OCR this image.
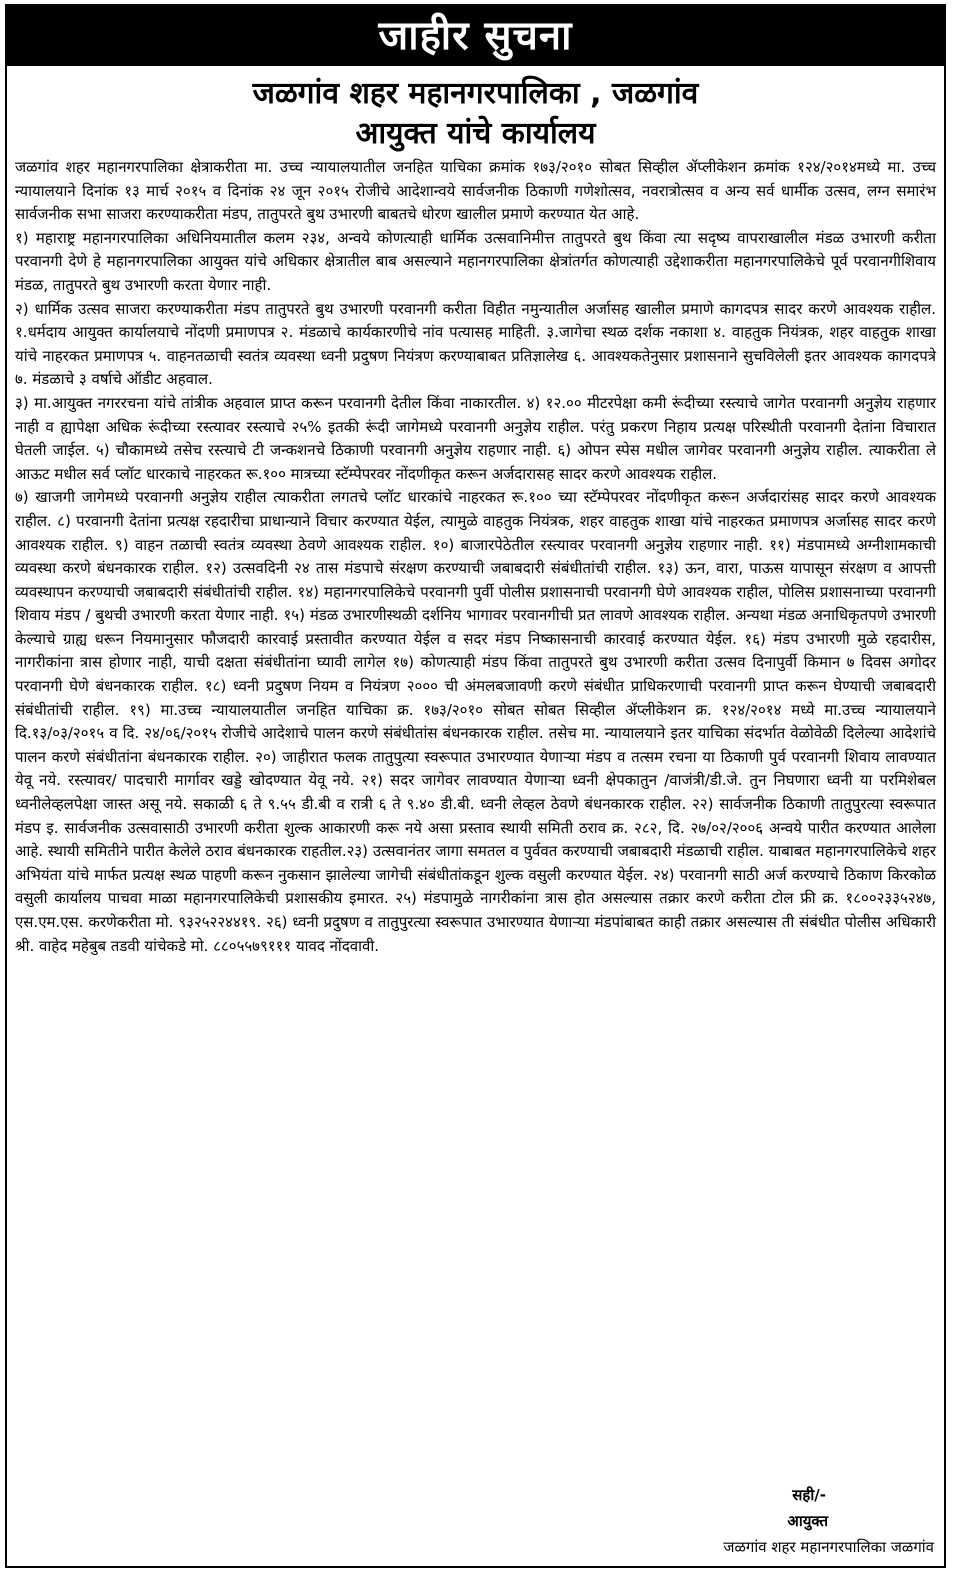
जाहीर सुचना
जळगांव शहर महानगरपालिका , जळगांव
आयुक्त यांचे कार्यालय

जळगांव शहर महानगरपालिका क्षेत्राकरीता मा. उच्च न्यायालयातील जनहित याचिका क्रमांक १७३/२०१० सोबत सिव्हील ॲप्लीकेशन क्रमांक १२४/२०१४मध्ये मा. उच्च न्यायालयाने दिनांक १३ मार्च २०१५ व दिनांक २४ जून २०१५ रोजीचे आदेशान्वये सार्वजनीक ठिकाणी गणेशोत्सव, नवरात्रोत्सव व अन्य सर्व धार्मीक उत्सव, लग्न समारंभ सार्वजनीक सभा साजरा करण्याकरीता मंडप, तातुपरते बुथ उभारणी बाबतचे धोरण खालील प्रमाणे करण्यात येत आहे.

१) महाराष्ट्र महानगरपालिका अधिनियमातील कलम २३४, अन्वये कोणत्याही धार्मिक उत्सवानिमीत्त तातुपरते बुथ किंवा त्या सदृष्य वापराखालील मंडळ उभारणी करीता परवानगी देणे हे महानगरपालिका आयुक्त यांचे अधिकार क्षेत्रातील बाब असल्याने महानगरपालिका क्षेत्रांतर्गत कोणत्याही उद्देशाकरीता महानगरपालिकेचे पूर्व परवानगीशिवाय मंडळ, तातुपरते बुथ उभारणी करता येणार नाही.

२) धार्मिक उत्सव साजरा करण्याकरीता मंडप तातुपरते बुथ उभारणी परवानगी करीता विहीत नमुन्यातील अर्जासह खालील प्रमाणे कागदपत्र सादर करणे आवश्यक राहील. १.धर्मदाय आयुक्त कार्यालयाचे नोंदणी प्रमाणपत्र २. मंडळाचे कार्यकारणीचे नांव पत्यासह माहिती. ३.जागेचा स्थळ दर्शक नकाशा ४. वाहतुक नियंत्रक, शहर वाहतुक शाखा यांचे नाहरकत प्रमाणपत्र ५. वाहनतळाची स्वतंत्र व्यवस्था ध्वनी प्रदुषण नियंत्रण करण्याबाबत प्रतिज्ञालेख ६. आवश्यकतेनुसार प्रशासनाने सुचविलेली इतर आवश्यक कागदपत्रे ७. मंडळाचे ३ वर्षाचे ऑडीट अहवाल.

३) मा.आयुक्त नगररचना यांचे तांत्रीक अहवाल प्राप्त करून परवानगी देतील किंवा नाकारतील. ४) १२.०० मीटरपेक्षा कमी रूंदीच्या रस्त्याचे जागेत परवानगी अनुज्ञेय राहणार नाही व ह्यापेक्षा अधिक रूंदीच्या रस्त्यावर रस्त्याचे २५% इतकी रूंदी जागेमध्ये परवानगी अनुज्ञेय राहील. परंतु प्रकरण निहाय प्रत्यक्ष परिस्थीती परवानगी देतांना विचारात घेतली जाईल. ५) चौकामध्ये तसेच रस्त्याचे टी जन्कशनचे ठिकाणी परवानगी अनुज्ञेय राहणार नाही. ६) ओपन स्पेस मधील जागेवर परवानगी अनुज्ञेय राहील. त्याकरीता ले आऊट मधील सर्व प्लॉट धारकाचे नाहरकत रू.१०० मात्रच्या स्टॅम्पेपरवर नोंदणीकृत करून अर्जदारासह सादर करणे आवश्यक राहील.

७) खाजगी जागेमध्ये परवानगी अनुज्ञेय राहील त्याकरीता लगतचे प्लॉट धारकांचे नाहरकत रू.१०० च्या स्टॅम्पेपरवर नोंदणीकृत करून अर्जदारांसह सादर करणे आवश्यक राहील. ८) परवानगी देतांना प्रत्यक्ष रहदारीचा प्राधान्याने विचार करण्यात येईल, त्यामुळे वाहतुक नियंत्रक, शहर वाहतुक शाखा यांचे नाहरकत प्रमाणपत्र अर्जासह सादर करणे आवश्यक राहील. ९) वाहन तळाची स्वतंत्र व्यवस्था ठेवणे आवश्यक राहील. १०) बाजारपेठेतील रस्त्यावर परवानगी अनुज्ञेय राहणार नाही. ११) मंडपामध्ये अग्नीशामकाची व्यवस्था करणे बंधनकारक राहील. १२) उत्सवदिनी २४ तास मंडपाचे संरक्षण करण्याची जबाबदारी संबंधीतांची राहील. १३) ऊन, वारा, पाऊस यापासून संरक्षण व आपत्ती व्यवस्थापन करण्याची जबाबदारी संबंधीतांची राहील. १४) महानगरपालिकेचे परवानगी पुर्वी पोलीस प्रशासनाची परवानगी घेणे आवश्यक राहील, पोलिस प्रशासनाच्या परवानगी शिवाय मंडप / बुथची उभारणी करता येणार नाही. १५) मंडळ उभारणीस्थळी दर्शनिय भागावर परवानगीची प्रत लावणे आवश्यक राहील. अन्यथा मंडळ अनाधिकृतपणे उभारणी केल्याचे ग्राह्य धरून नियमानुसार फौजदारी कारवाई प्रस्तावीत करण्यात येईल व सदर मंडप निष्कासनाची कारवाई करण्यात येईल. १६) मंडप उभारणी मुळे रहदारीस, नागरीकांना त्रास होणार नाही, याची दक्षता संबंधीतांना घ्यावी लागेल १७) कोणत्याही मंडप किंवा तातुपरते बुथ उभारणी करीता उत्सव दिनापुर्वी किमान ७ दिवस अगोदर परवानगी घेणे बंधनकारक राहील. १८) ध्वनी प्रदुषण नियम व नियंत्रण २००० ची अंमलबजावणी करणे संबंधीत प्राधिकरणाची परवानगी प्राप्त करून घेण्याची जबाबदारी संबंधीतांची राहील. १९) मा.उच्च न्यायालयातील जनहित याचिका क्र. १७३/२०१० सोबत सोबत सिव्हील ॲप्लीकेशन क्र. १२४/२०१४ मध्ये मा.उच्च न्यायालयाने दि.१३/०३/२०१५ व दि. २४/०६/२०१५ रोजीचे आदेशाचे पालन करणे संबंधीतांस बंधनकारक राहील. तसेच मा. न्यायालयाने इतर याचिका संदर्भात वेळोवेळी दिलेल्या आदेशांचे पालन करणे संबंधीतांना बंधनकारक राहील. २०) जाहीरात फलक तातुपुत्या स्वरूपात उभारण्यात येणाऱ्या मंडप व तत्सम रचना या ठिकाणी पुर्व परवानगी शिवाय लावण्यात येवू नये. रस्त्यावर/ पादचारी मार्गावर खड्डे खोदण्यात येवू नये. २१) सदर जागेवर लावण्यात येणाऱ्या ध्वनी क्षेपकातुन /वाजंत्री/डी.जे. तुन निघणारा ध्वनी या परमिशेबल ध्वनीलेव्हलपेक्षा जास्त असू नये. सकाळी ६ ते ९.५५ डी.बी व रात्री ६ ते ९.४० डी.बी. ध्वनी लेव्हल ठेवणे बंधनकारक राहील. २२) सार्वजनीक ठिकाणी तातुपुरत्या स्वरूपात मंडप इ. सार्वजनीक उत्सवासाठी उभारणी करीता शुल्क आकारणी करू नये असा प्रस्ताव स्थायी समिती ठराव क्र. २८२, दि. २७/०२/२००६ अन्वये पारीत करण्यात आलेला आहे. स्थायी समितीने पारीत केलेले ठराव बंधनकारक राहतील.२३) उत्सवानंतर जागा समतल व पुर्ववत करण्याची जबाबदारी मंडळाची राहील. याबाबत महानगरपालिकेचे शहर अभियंता यांचे मार्फत प्रत्यक्ष स्थळ पाहणी करून नुकसान झालेल्या जागेची संबंधीतांकडून शुल्क वसुली करण्यात येईल. २४) परवानगी साठी अर्ज करण्याचे ठिकाण किरकोळ वसुली कार्यालय पाचवा माळा महानगरपालिकेची प्रशासकीय इमारत. २५) मंडपामुळे नागरीकांना त्रास होत असल्यास तक्रार करणे करीता टोल फ्री क्र. १८००२३३५२४७, एस.एम.एस. करणेकरीता मो. ९३२५२२४४१९. २६) ध्वनी प्रदुषण व तातुपुरत्या स्वरूपात उभारण्यात येणाऱ्या मंडपांबाबत काही तक्रार असल्यास ती संबंधीत पोलीस अधिकारी श्री. वाहेद महेबुब तडवी यांचेकडे मो. ८८०५५७९१११ यावद नोंदवावी.

सही/-
आयुक्त
जळगांव शहर महानगरपालिका जळगांव
